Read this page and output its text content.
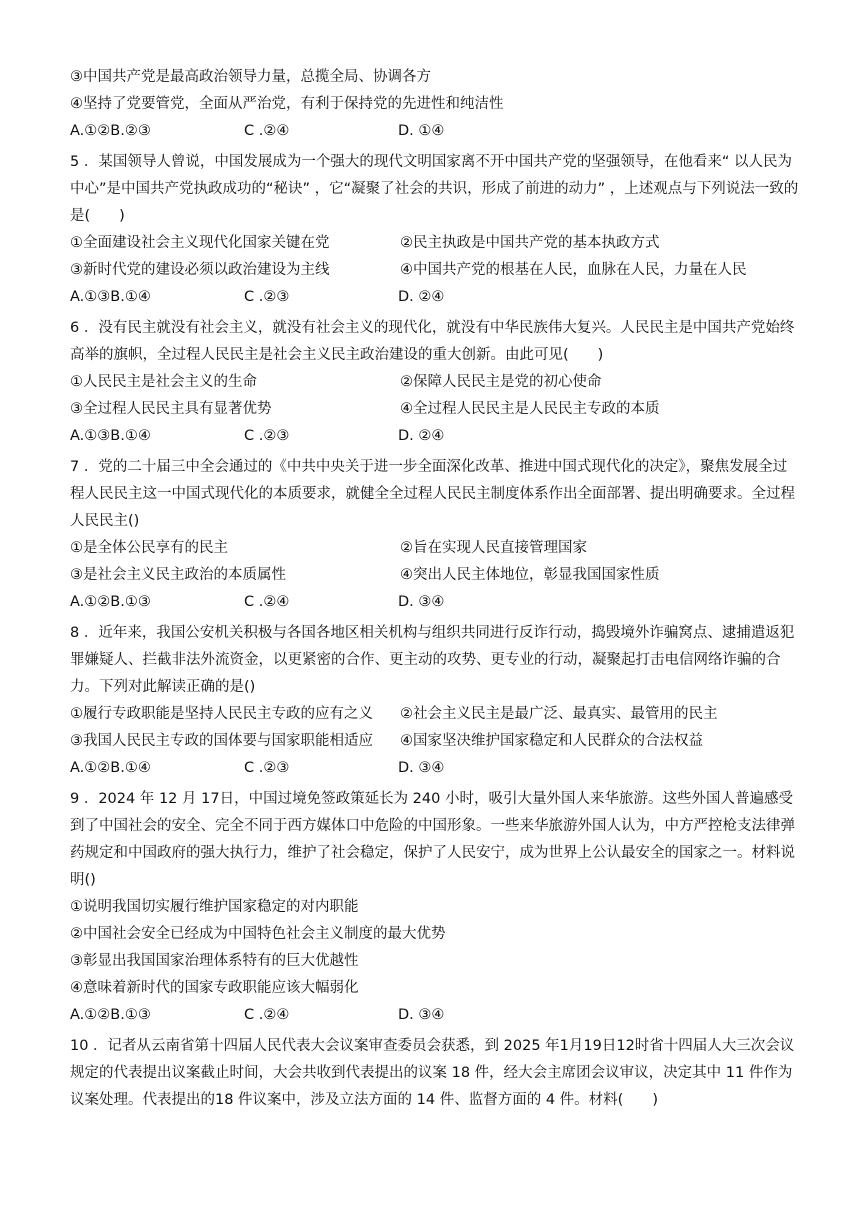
③中国共产党是最高政治领导力量，总揽全局、协调各方
④坚持了党要管党，全面从严治党，有利于保持党的先进性和纯洁性
A.①②B.②③	C .②④	D. ①④
5 ．某国领导人曾说，中国发展成为一个强大的现代文明国家离不开中国共产党的坚强领导，在他看来“ 以人民为中心”是中国共产党执政成功的“秘诀” ，它“凝聚了社会的共识，形成了前进的动力” ，上述观点与下列说法一致的是(　　)
①全面建设社会主义现代化国家关键在党	②民主执政是中国共产党的基本执政方式
③新时代党的建设必须以政治建设为主线	④中国共产党的根基在人民，血脉在人民，力量在人民
A.①③B.①④	C .②③	D. ②④
6 ．没有民主就没有社会主义，就没有社会主义的现代化，就没有中华民族伟大复兴。人民民主是中国共产党始终高举的旗帜，全过程人民民主是社会主义民主政治建设的重大创新。由此可见(　　)
①人民民主是社会主义的生命	②保障人民民主是党的初心使命
③全过程人民民主具有显著优势	④全过程人民民主是人民民主专政的本质
A.①③B.①④	C .②③	D. ②④
7 ．党的二十届三中全会通过的《中共中央关于进一步全面深化改革、推进中国式现代化的决定》，聚焦发展全过程人民民主这一中国式现代化的本质要求，就健全全过程人民民主制度体系作出全面部署、提出明确要求。全过程人民民主()
①是全体公民享有的民主	②旨在实现人民直接管理国家
③是社会主义民主政治的本质属性	④突出人民主体地位，彰显我国国家性质
A.①②B.①③	C .②④	D. ③④
8 ．近年来，我国公安机关积极与各国各地区相关机构与组织共同进行反诈行动，捣毁境外诈骗窝点、逮捕遣返犯罪嫌疑人、拦截非法外流资金，以更紧密的合作、更主动的攻势、更专业的行动，凝聚起打击电信网络诈骗的合力。下列对此解读正确的是()
①履行专政职能是坚持人民民主专政的应有之义	②社会主义民主是最广泛、最真实、最管用的民主
③我国人民民主专政的国体要与国家职能相适应	④国家坚决维护国家稳定和人民群众的合法权益
A.①②B.①④	C .②③	D. ③④
9 ．2024 年 12 月 17日，中国过境免签政策延长为 240 小时，吸引大量外国人来华旅游。这些外国人普遍感受到了中国社会的安全、完全不同于西方媒体口中危险的中国形象。一些来华旅游外国人认为，中方严控枪支法律弹药规定和中国政府的强大执行力，维护了社会稳定，保护了人民安宁，成为世界上公认最安全的国家之一。材料说明()
①说明我国切实履行维护国家稳定的对内职能
②中国社会安全已经成为中国特色社会主义制度的最大优势
③彰显出我国国家治理体系特有的巨大优越性
④意味着新时代的国家专政职能应该大幅弱化
A.①②B.①③	C .②④	D. ③④
10 ．记者从云南省第十四届人民代表大会议案审查委员会获悉，到 2025 年1月19日12时省十四届人大三次会议规定的代表提出议案截止时间，大会共收到代表提出的议案 18 件，经大会主席团会议审议，决定其中 11 件作为议案处理。代表提出的18 件议案中，涉及立法方面的 14 件、监督方面的 4 件。材料(　　)
